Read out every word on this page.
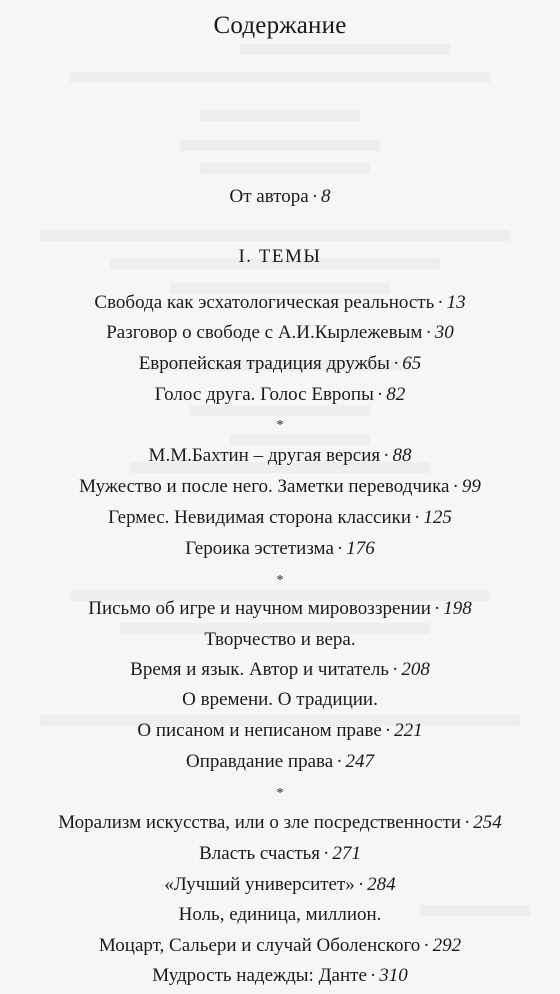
Содержание
От автора · 8
I. ТЕМЫ
Свобода как эсхатологическая реальность · 13
Разговор о свободе с А.И.Кырлежевым · 30
Европейская традиция дружбы · 65
Голос друга. Голос Европы · 82
*
М.М.Бахтин – другая версия · 88
Мужество и после него. Заметки переводчика · 99
Гермес. Невидимая сторона классики · 125
Героика эстетизма · 176
*
Письмо об игре и научном мировоззрении · 198
Творчество и вера.
Время и язык. Автор и читатель · 208
О времени. О традиции.
О писаном и неписаном праве · 221
Оправдание права · 247
*
Морализм искусства, или о зле посредственности · 254
Власть счастья · 271
«Лучший университет» · 284
Ноль, единица, миллион.
Моцарт, Сальери и случай Оболенского · 292
Мудрость надежды: Данте · 310
